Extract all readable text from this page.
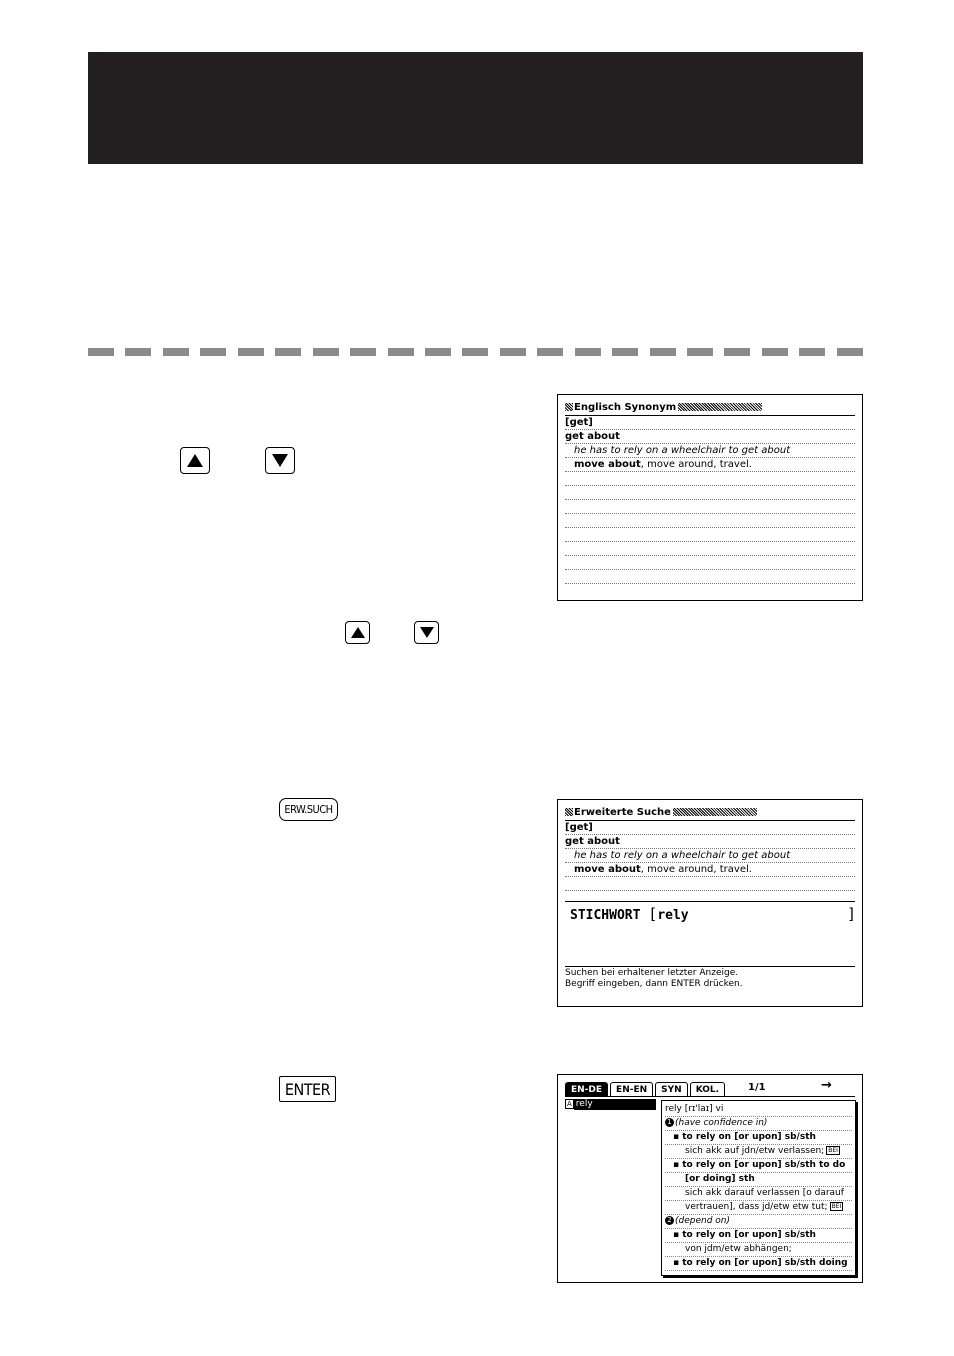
ERW.SUCH
ENTER
Englisch Synonym
[get]
get about
he has to rely on a wheelchair to get about
move about, move around, travel.
Erweiterte Suche
[get]
get about
he has to rely on a wheelchair to get about
move about, move around, travel.
STICHWORT [rely	]
Suchen bei erhaltener letzter Anzeige.
Begriff eingeben, dann ENTER drücken.
EN-DE	EN-EN	SYN	KOL.	1/1	→
A rely	rely [rɪ'laɪ] vi
1 (have confidence in)
▪ to rely on [or upon] sb/sth
sich akk auf jdn/etw verlassen; BEI
▪ to rely on [or upon] sb/sth to do
[or doing] sth
sich akk darauf verlassen [o darauf
vertrauen], dass jd/etw etw tut; BEI
2 (depend on)
▪ to rely on [or upon] sb/sth
von jdm/etw abhängen;
▪ to rely on [or upon] sb/sth doing
